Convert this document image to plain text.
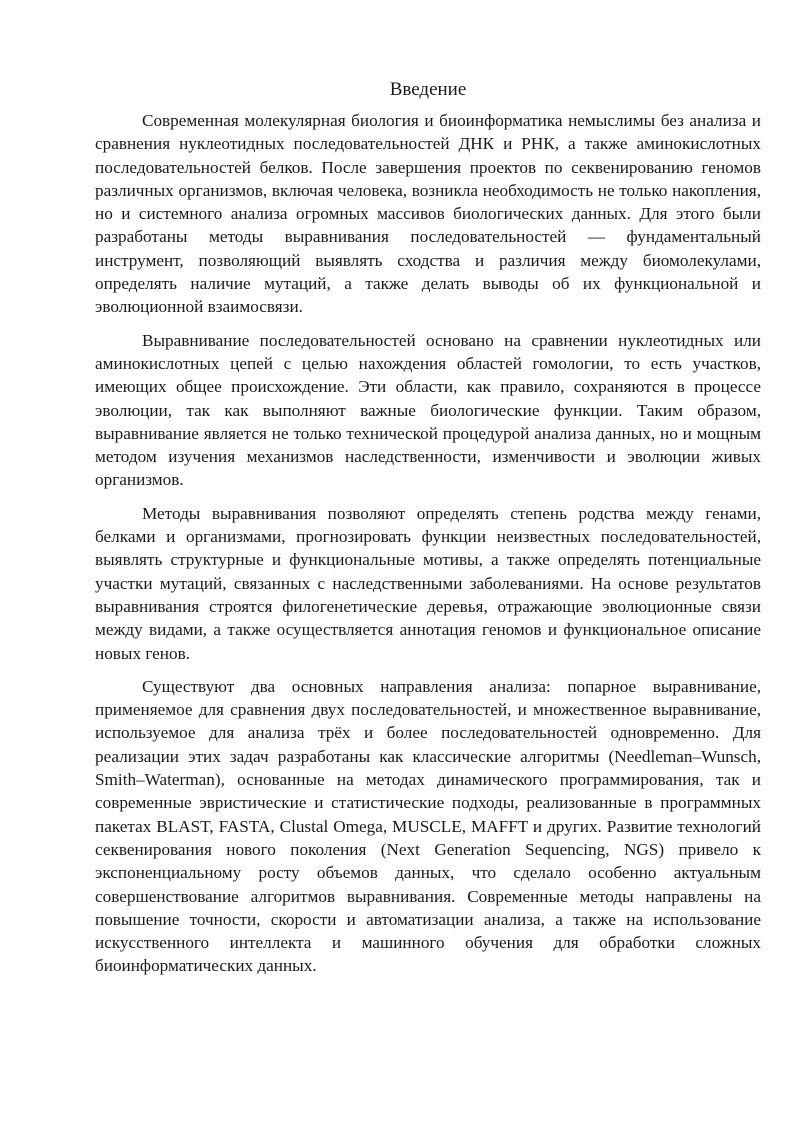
Введение

Современная молекулярная биология и биоинформатика немыслимы без анализа и сравнения нуклеотидных последовательностей ДНК и РНК, а также аминокислотных последовательностей белков. После завершения проектов по секвенированию геномов различных организмов, включая человека, возникла необходимость не только накопления, но и системного анализа огромных массивов биологических данных. Для этого были разработаны методы выравнивания последовательностей — фундаментальный инструмент, позволяющий выявлять сходства и различия между биомолекулами, определять наличие мутаций, а также делать выводы об их функциональной и эволюционной взаимосвязи.

Выравнивание последовательностей основано на сравнении нуклеотидных или аминокислотных цепей с целью нахождения областей гомологии, то есть участков, имеющих общее происхождение. Эти области, как правило, сохраняются в процессе эволюции, так как выполняют важные биологические функции. Таким образом, выравнивание является не только технической процедурой анализа данных, но и мощным методом изучения механизмов наследственности, изменчивости и эволюции живых организмов.

Методы выравнивания позволяют определять степень родства между генами, белками и организмами, прогнозировать функции неизвестных последовательностей, выявлять структурные и функциональные мотивы, а также определять потенциальные участки мутаций, связанных с наследственными заболеваниями. На основе результатов выравнивания строятся филогенетические деревья, отражающие эволюционные связи между видами, а также осуществляется аннотация геномов и функциональное описание новых генов.

Существуют два основных направления анализа: попарное выравнивание, применяемое для сравнения двух последовательностей, и множественное выравнивание, используемое для анализа трёх и более последовательностей одновременно. Для реализации этих задач разработаны как классические алгоритмы (Needleman–Wunsch, Smith–Waterman), основанные на методах динамического программирования, так и современные эвристические и статистические подходы, реализованные в программных пакетах BLAST, FASTA, Clustal Omega, MUSCLE, MAFFT и других. Развитие технологий секвенирования нового поколения (Next Generation Sequencing, NGS) привело к экспоненциальному росту объемов данных, что сделало особенно актуальным совершенствование алгоритмов выравнивания. Современные методы направлены на повышение точности, скорости и автоматизации анализа, а также на использование искусственного интеллекта и машинного обучения для обработки сложных биоинформатических данных.
